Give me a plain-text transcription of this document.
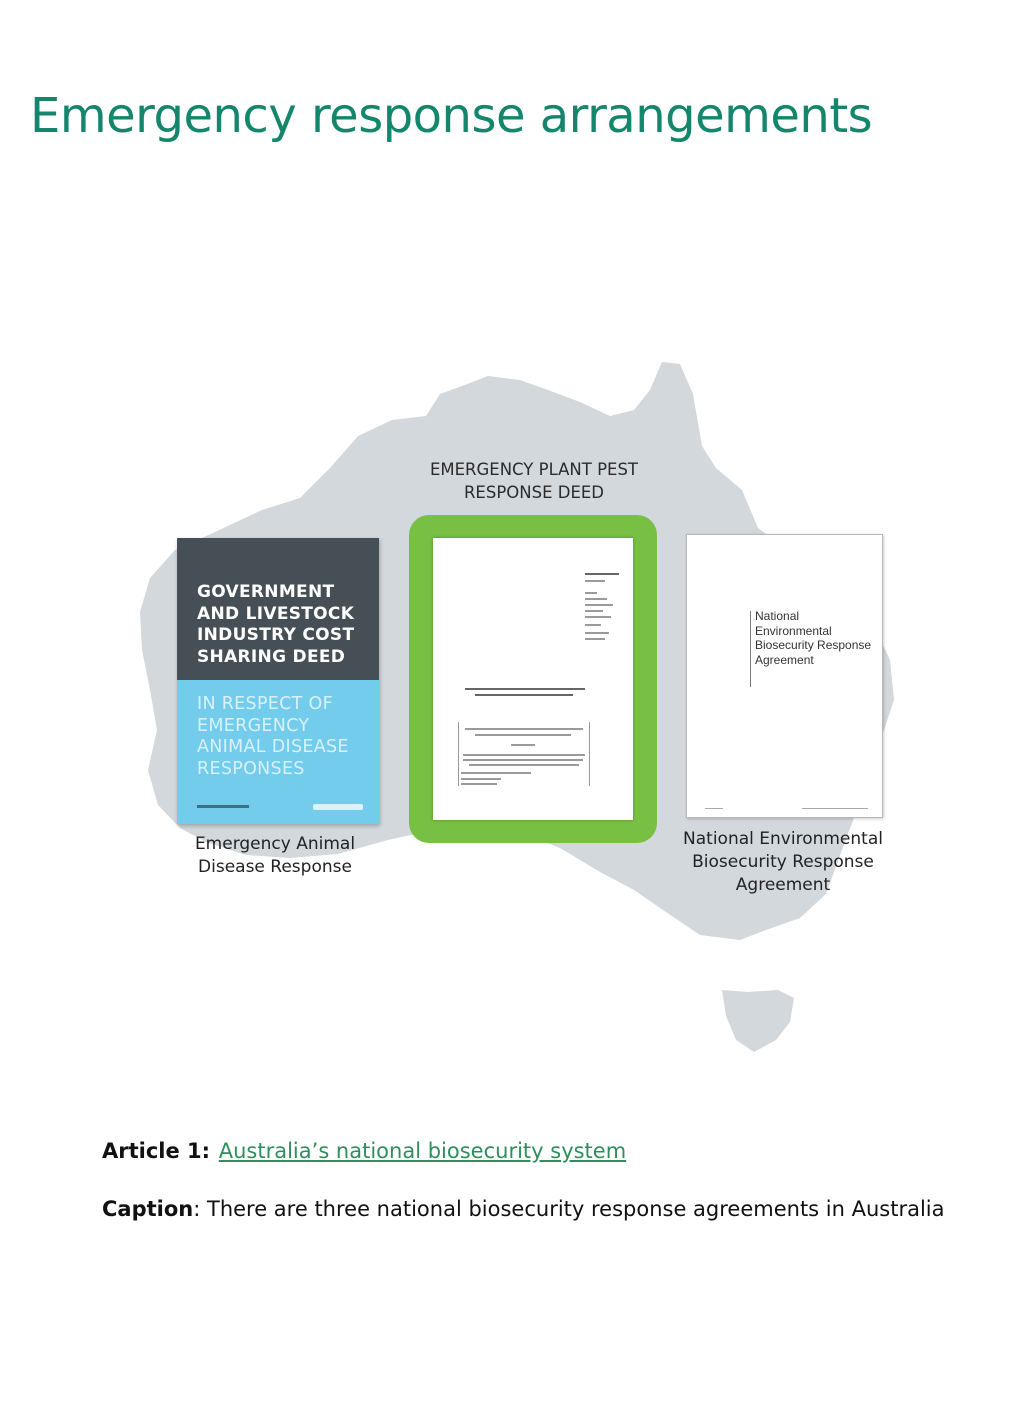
Emergency response arrangements
EMERGENCY PLANT PEST
RESPONSE DEED
GOVERNMENT
AND LIVESTOCK
INDUSTRY COST
SHARING DEED
IN RESPECT OF
EMERGENCY
ANIMAL DISEASE
RESPONSES
National
Environmental
Biosecurity Response
Agreement
Emergency Animal
Disease Response
National Environmental
Biosecurity Response
Agreement
Article 1: Australia’s national biosecurity system
Caption: There are three national biosecurity response agreements in Australia
